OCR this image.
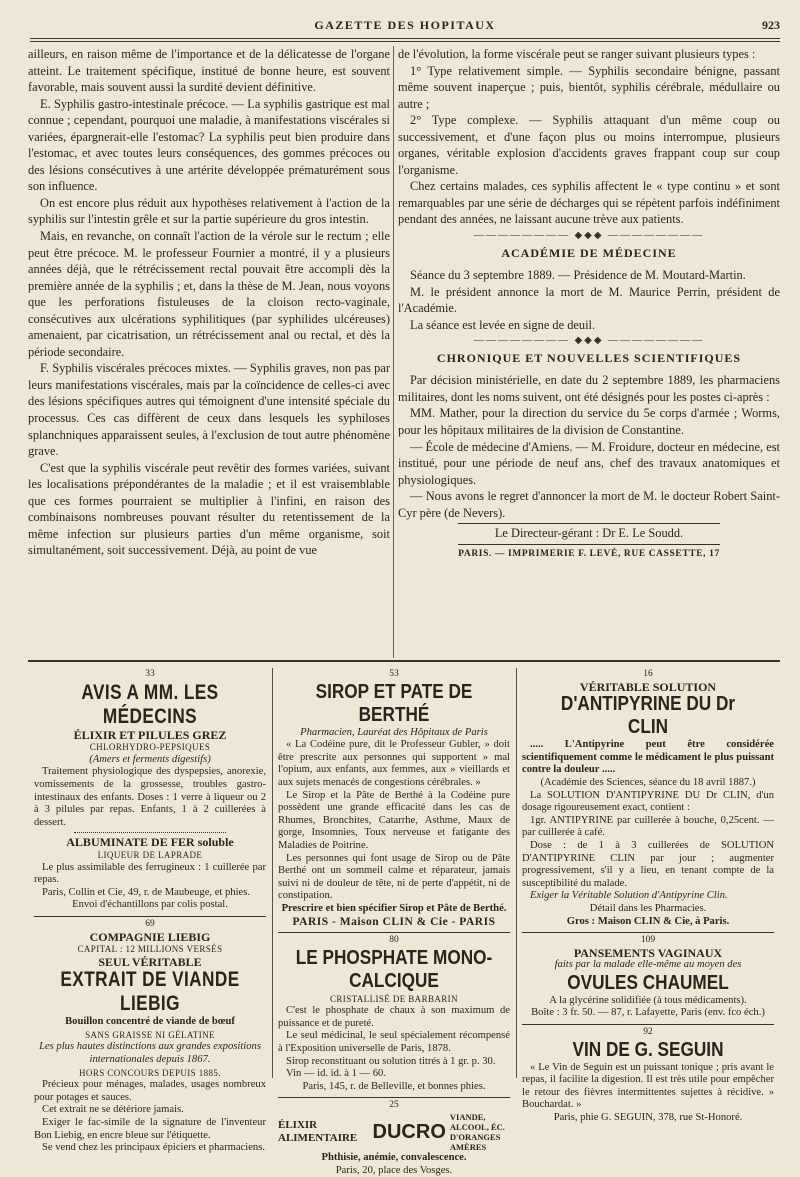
GAZETTE DES HOPITAUX	923

ailleurs, en raison même de l'importance et de la délicatesse de l'organe atteint. Le traitement spécifique, institué de bonne heure, est souvent favorable, mais souvent aussi la surdité devient définitive.

E. Syphilis gastro-intestinale précoce. — La syphilis gastrique est mal connue ; cependant, pourquoi une maladie, à manifestations viscérales si variées, épargnerait-elle l'estomac? La syphilis peut bien produire dans l'estomac, et avec toutes leurs conséquences, des gommes précoces ou des lésions consécutives à une artérite développée prématurément sous son influence.

On est encore plus réduit aux hypothèses relativement à l'action de la syphilis sur l'intestin grêle et sur la partie supérieure du gros intestin.

Mais, en revanche, on connaît l'action de la vérole sur le rectum ; elle peut être précoce. M. le professeur Fournier a montré, il y a plusieurs années déjà, que le rétrécissement rectal pouvait être accompli dès la première année de la syphilis ; et, dans la thèse de M. Jean, nous voyons que les perforations fistuleuses de la cloison recto-vaginale, consécutives aux ulcérations syphilitiques (par syphilides ulcéreuses) amenaient, par cicatrisation, un rétrécissement anal ou rectal, et dès la période secondaire.

F. Syphilis viscérales précoces mixtes. — Syphilis graves, non pas par leurs manifestations viscérales, mais par la coïncidence de celles-ci avec des lésions spécifiques autres qui témoignent d'une intensité spéciale du processus. Ces cas diffèrent de ceux dans lesquels les syphiloses splanchniques apparaissent seules, à l'exclusion de tout autre phénomène grave.

C'est que la syphilis viscérale peut revêtir des formes variées, suivant les localisations prépondérantes de la maladie ; et il est vraisemblable que ces formes pourraient se multiplier à l'infini, en raison des combinaisons nombreuses pouvant résulter du retentissement de la même infection sur plusieurs parties d'un même organisme, soit simultanément, soit successivement. Déjà, au point de vue

de l'évolution, la forme viscérale peut se ranger suivant plusieurs types :

1° Type relativement simple. — Syphilis secondaire bénigne, passant même souvent inaperçue ; puis, bientôt, syphilis cérébrale, médullaire ou autre ;

2° Type complexe. — Syphilis attaquant d'un même coup ou successivement, et d'une façon plus ou moins interrompue, plusieurs organes, véritable explosion d'accidents graves frappant coup sur coup l'organisme.

Chez certains malades, ces syphilis affectent le « type continu » et sont remarquables par une série de décharges qui se répètent parfois indéfiniment pendant des années, ne laissant aucune trève aux patients.

———————— ◆◆◆ ————————

ACADÉMIE DE MÉDECINE

Séance du 3 septembre 1889. — Présidence de M. Moutard-Martin.

M. le président annonce la mort de M. Maurice Perrin, président de l'Académie.

La séance est levée en signe de deuil.

———————— ◆◆◆ ————————

CHRONIQUE ET NOUVELLES SCIENTIFIQUES

Par décision ministérielle, en date du 2 septembre 1889, les pharmaciens militaires, dont les noms suivent, ont été désignés pour les postes ci-après :

MM. Mather, pour la direction du service du 5e corps d'armée ; Worms, pour les hôpitaux militaires de la division de Constantine.

— École de médecine d'Amiens. — M. Froidure, docteur en médecine, est institué, pour une période de neuf ans, chef des travaux anatomiques et physiologiques.

— Nous avons le regret d'annoncer la mort de M. le docteur Robert Saint-Cyr père (de Nevers).

Le Directeur-gérant : Dr E. Le Soudd.

PARIS. — IMPRIMERIE F. LEVÉ, RUE CASSETTE, 17

33
AVIS A MM. LES MÉDECINS
ÉLIXIR ET PILULES GREZ
CHLORHYDRO-PEPSIQUES
(Amers et ferments digestifs)
Traitement physiologique des dyspepsies, anorexie, vomissements de la grossesse, troubles gastro-intestinaux des enfants. Doses : 1 verre à liqueur ou 2 à 3 pilules par repas. Enfants, 1 à 2 cuillerées à dessert.
ALBUMINATE DE FER soluble
LIQUEUR DE LAPRADE
Le plus assimilable des ferrugineux : 1 cuillerée par repas.
Paris, Collin et Cie, 49, r. de Maubeuge, et phies.
Envoi d'échantillons par colis postal.
69
COMPAGNIE LIEBIG
CAPITAL : 12 MILLIONS VERSÉS
SEUL VÉRITABLE
EXTRAIT DE VIANDE LIEBIG
Bouillon concentré de viande de bœuf
SANS GRAISSE NI GÉLATINE
Les plus hautes distinctions aux grandes expositions internationales depuis 1867.
HORS CONCOURS DEPUIS 1885.
Précieux pour ménages, malades, usages nombreux pour potages et sauces.
Cet extrait ne se détériore jamais.
Exiger le fac-simile de la signature de l'inventeur Bon Liebig, en encre bleue sur l'étiquette.
Se vend chez les principaux épiciers et pharmaciens.
53
SIROP ET PATE DE BERTHÉ
Pharmacien, Lauréat des Hôpitaux de Paris
« La Codéine pure, dit le Professeur Gubler, » doit être prescrite aux personnes qui supportent » mal l'opium, aux enfants, aux femmes, aux » vieillards et aux sujets menacés de congestions cérébrales. »
Le Sirop et la Pâte de Berthé à la Codéine pure possèdent une grande efficacité dans les cas de Rhumes, Bronchites, Catarrhe, Asthme, Maux de gorge, Insomnies, Toux nerveuse et fatigante des Maladies de Poitrine.
Les personnes qui font usage de Sirop ou de Pâte Berthé ont un sommeil calme et réparateur, jamais suivi ni de douleur de tête, ni de perte d'appétit, ni de constipation.
Prescrire et bien spécifier Sirop et Pâte de Berthé.
PARIS - Maison CLIN & Cie - PARIS
80
LE PHOSPHATE MONO-CALCIQUE
CRISTALLISÉ DE BARBARIN
C'est le phosphate de chaux à son maximum de puissance et de pureté.
Le seul médicinal, le seul spécialement récompensé à l'Exposition universelle de Paris, 1878.
Sirop reconstituant ou solution titrés à 1 gr. p. 30.
Vin — id. id. à 1 — 60.
Paris, 145, r. de Belleville, et bonnes phies.
25
ÉLIXIR ALIMENTAIRE DUCRO
VIANDE, ALCOOL, ÉC. D'ORANGES AMÈRES
Phthisie, anémie, convalescence.
Paris, 20, place des Vosges.
16
VÉRITABLE SOLUTION
D'ANTIPYRINE DU Dr CLIN
..... L'Antipyrine peut être considérée scientifiquement comme le médicament le plus puissant contre la douleur .....
(Académie des Sciences, séance du 18 avril 1887.)
La SOLUTION D'ANTIPYRINE DU Dr CLIN, d'un dosage rigoureusement exact, contient :
1gr. ANTIPYRINE par cuillerée à bouche, 0,25cent. — par cuillerée à café.
Dose : de 1 à 3 cuillerées de SOLUTION D'ANTIPYRINE CLIN par jour ; augmenter progressivement, s'il y a lieu, en tenant compte de la susceptibilité du malade.
Exiger la Véritable Solution d'Antipyrine Clin.
Détail dans les Pharmacies.
Gros : Maison CLIN & Cie, à Paris.
109
PANSEMENTS VAGINAUX
faits par la malade elle-même au moyen des
OVULES CHAUMEL
A la glycérine solidifiée (à tous médicaments).
Boîte : 3 fr. 50. — 87, r. Lafayette, Paris (env. fco éch.)
92
VIN DE G. SEGUIN
« Le Vin de Seguin est un puissant tonique ; pris avant le repas, il facilite la digestion. Il est très utile pour empêcher le retour des fièvres intermittentes sujettes à récidive. » Bouchardat. »
Paris, phie G. SEGUIN, 378, rue St-Honoré.
